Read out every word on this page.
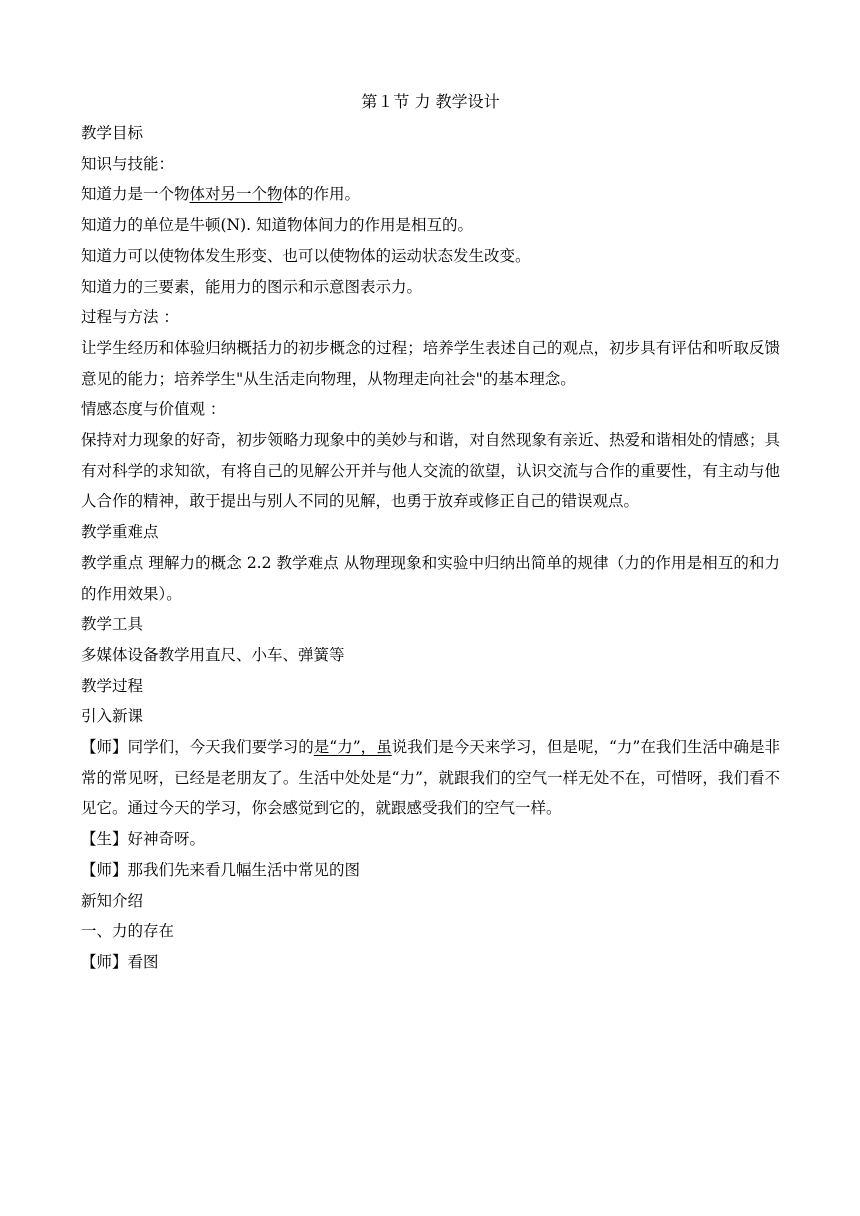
第１节 力 教学设计
教学目标
知识与技能：
知道力是一个物体对另一个物体的作用。
知道力的单位是牛顿(N). 知道物体间力的作用是相互的。
知道力可以使物体发生形变、也可以使物体的运动状态发生改变。
知道力的三要素，能用力的图示和示意图表示力。
过程与方法 ：
让学生经历和体验归纳概括力的初步概念的过程；培养学生表述自己的观点，初步具有评估和听取反馈意见的能力；培养学生"从生活走向物理，从物理走向社会"的基本理念。
情感态度与价值观 ：
保持对力现象的好奇，初步领略力现象中的美妙与和谐，对自然现象有亲近、热爱和谐相处的情感；具有对科学的求知欲，有将自己的见解公开并与他人交流的欲望，认识交流与合作的重要性，有主动与他人合作的精神，敢于提出与别人不同的见解，也勇于放弃或修正自己的错误观点。
教学重难点
教学重点 理解力的概念 2.2 教学难点 从物理现象和实验中归纳出简单的规律（力的作用是相互的和力的作用效果）。
教学工具
多媒体设备教学用直尺、小车、弹簧等
教学过程
引入新课
【师】同学们，今天我们要学习的是“力”，虽说我们是今天来学习，但是呢，“力”在我们生活中确是非常的常见呀，已经是老朋友了。生活中处处是“力”，就跟我们的空气一样无处不在，可惜呀，我们看不见它。通过今天的学习，你会感觉到它的，就跟感受我们的空气一样。
【生】好神奇呀。
【师】那我们先来看几幅生活中常见的图
新知介绍
一、力的存在
【师】看图
